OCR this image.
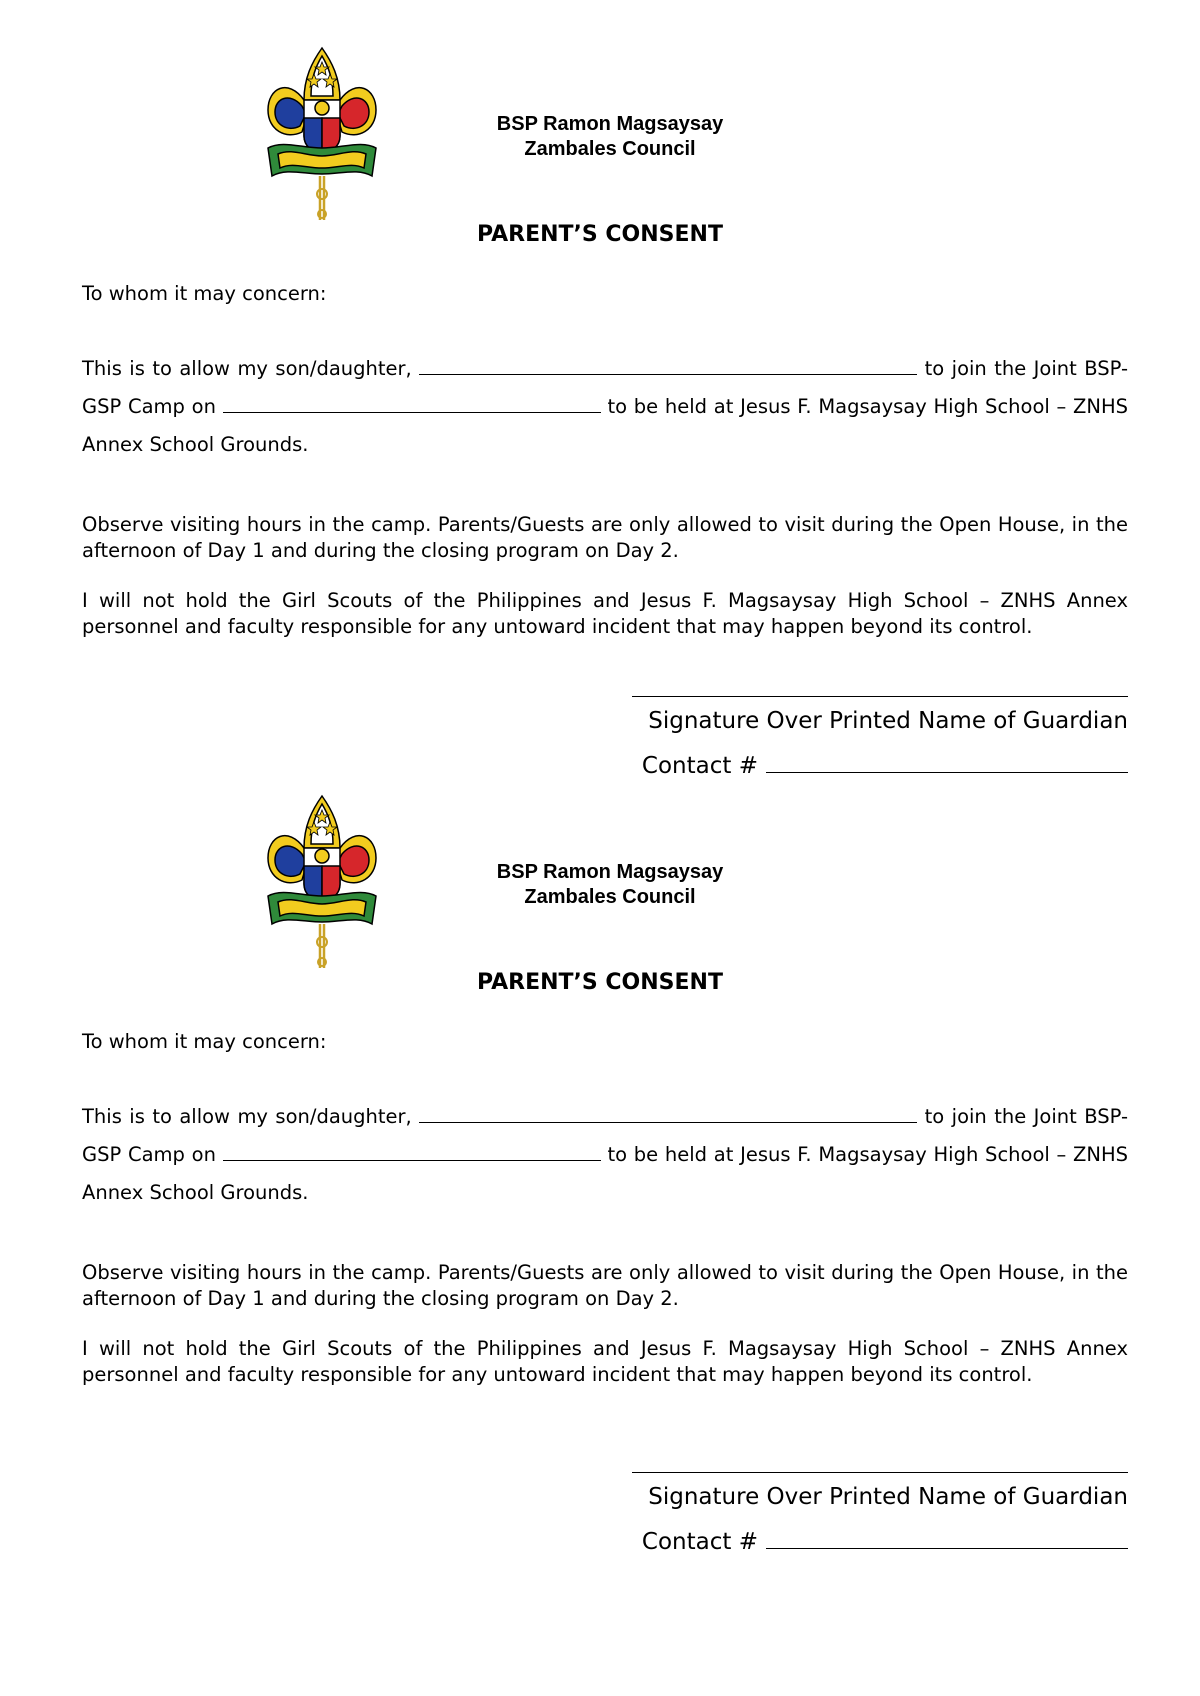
BSP Ramon Magsaysay
Zambales Council
PARENT’S CONSENT
To whom it may concern:
This is to allow my son/daughter,	to join the Joint BSP-GSP Camp on	to be held at Jesus F. Magsaysay High School – ZNHS Annex School Grounds.
Observe visiting hours in the camp. Parents/Guests are only allowed to visit during the Open House, in the afternoon of Day 1 and during the closing program on Day 2.
I will not hold the Girl Scouts of the Philippines and Jesus F. Magsaysay High School – ZNHS Annex personnel and faculty responsible for any untoward incident that may happen beyond its control.
Signature Over Printed Name of Guardian
Contact #
BSP Ramon Magsaysay
Zambales Council
PARENT’S CONSENT
To whom it may concern:
This is to allow my son/daughter,	to join the Joint BSP-GSP Camp on	to be held at Jesus F. Magsaysay High School – ZNHS Annex School Grounds.
Observe visiting hours in the camp. Parents/Guests are only allowed to visit during the Open House, in the afternoon of Day 1 and during the closing program on Day 2.
I will not hold the Girl Scouts of the Philippines and Jesus F. Magsaysay High School – ZNHS Annex personnel and faculty responsible for any untoward incident that may happen beyond its control.
Signature Over Printed Name of Guardian
Contact #
